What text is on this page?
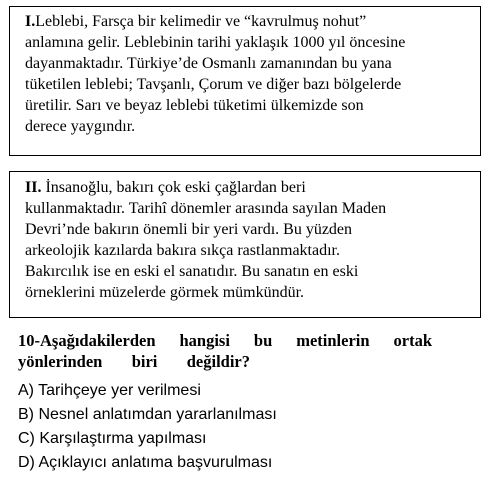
I.Leblebi, Farsça bir kelimedir ve “kavrulmuş nohut”
anlamına gelir. Leblebinin tarihi yaklaşık 1000 yıl öncesine
dayanmaktadır. Türkiye’de Osmanlı zamanından bu yana
tüketilen leblebi; Tavşanlı, Çorum ve diğer bazı bölgelerde
üretilir. Sarı ve beyaz leblebi tüketimi ülkemizde son
derece yaygındır.
II. İnsanoğlu, bakırı çok eski çağlardan beri
kullanmaktadır. Tarihî dönemler arasında sayılan Maden
Devri’nde bakırın önemli bir yeri vardı. Bu yüzden
arkeolojik kazılarda bakıra sıkça rastlanmaktadır.
Bakırcılık ise en eski el sanatıdır. Bu sanatın en eski
örneklerini müzelerde görmek mümkündür.
10-Aşağıdakilerden hangisi bu metinlerin ortak
yönlerinden biri değildir?
A) Tarihçeye yer verilmesi
B) Nesnel anlatımdan yararlanılması
C) Karşılaştırma yapılması
D) Açıklayıcı anlatıma başvurulması
